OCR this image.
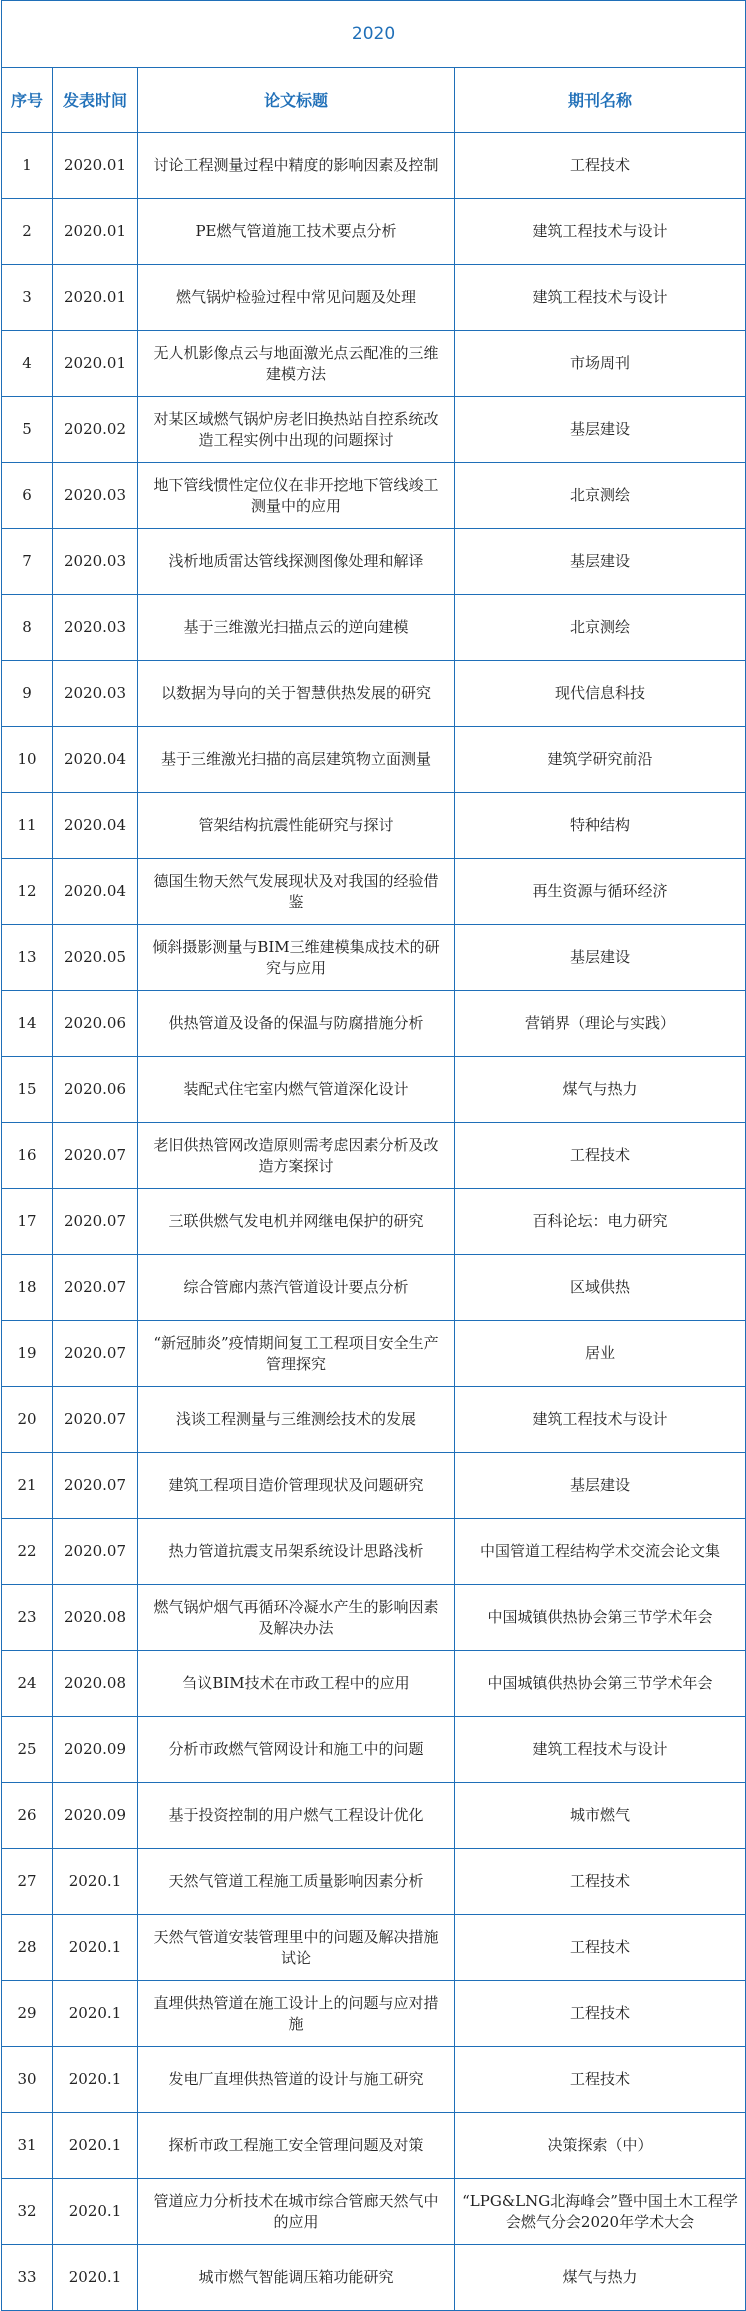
2020			
序号	发表时间	论文标题	期刊名称
1	2020.01	讨论工程测量过程中精度的影响因素及控制	工程技术
2	2020.01	PE燃气管道施工技术要点分析	建筑工程技术与设计
3	2020.01	燃气锅炉检验过程中常见问题及处理	建筑工程技术与设计
4	2020.01	无人机影像点云与地面激光点云配准的三维建模方法	市场周刊
5	2020.02	对某区域燃气锅炉房老旧换热站自控系统改造工程实例中出现的问题探讨	基层建设
6	2020.03	地下管线惯性定位仪在非开挖地下管线竣工测量中的应用	北京测绘
7	2020.03	浅析地质雷达管线探测图像处理和解译	基层建设
8	2020.03	基于三维激光扫描点云的逆向建模	北京测绘
9	2020.03	以数据为导向的关于智慧供热发展的研究	现代信息科技
10	2020.04	基于三维激光扫描的高层建筑物立面测量	建筑学研究前沿
11	2020.04	管架结构抗震性能研究与探讨	特种结构
12	2020.04	德国生物天然气发展现状及对我国的经验借鉴	再生资源与循环经济
13	2020.05	倾斜摄影测量与BIM三维建模集成技术的研究与应用	基层建设
14	2020.06	供热管道及设备的保温与防腐措施分析	营销界（理论与实践）
15	2020.06	装配式住宅室内燃气管道深化设计	煤气与热力
16	2020.07	老旧供热管网改造原则需考虑因素分析及改造方案探讨	工程技术
17	2020.07	三联供燃气发电机并网继电保护的研究	百科论坛：电力研究
18	2020.07	综合管廊内蒸汽管道设计要点分析	区域供热
19	2020.07	“新冠肺炎”疫情期间复工工程项目安全生产管理探究	居业
20	2020.07	浅谈工程测量与三维测绘技术的发展	建筑工程技术与设计
21	2020.07	建筑工程项目造价管理现状及问题研究	基层建设
22	2020.07	热力管道抗震支吊架系统设计思路浅析	中国管道工程结构学术交流会论文集
23	2020.08	燃气锅炉烟气再循环冷凝水产生的影响因素及解决办法	中国城镇供热协会第三节学术年会
24	2020.08	刍议BIM技术在市政工程中的应用	中国城镇供热协会第三节学术年会
25	2020.09	分析市政燃气管网设计和施工中的问题	建筑工程技术与设计
26	2020.09	基于投资控制的用户燃气工程设计优化	城市燃气
27	2020.1	天然气管道工程施工质量影响因素分析	工程技术
28	2020.1	天然气管道安装管理里中的问题及解决措施试论	工程技术
29	2020.1	直埋供热管道在施工设计上的问题与应对措施	工程技术
30	2020.1	发电厂直埋供热管道的设计与施工研究	工程技术
31	2020.1	探析市政工程施工安全管理问题及对策	决策探索（中）
32	2020.1	管道应力分析技术在城市综合管廊天然气中的应用	“LPG&LNG北海峰会”暨中国土木工程学会燃气分会2020年学术大会
33	2020.1	城市燃气智能调压箱功能研究	煤气与热力
